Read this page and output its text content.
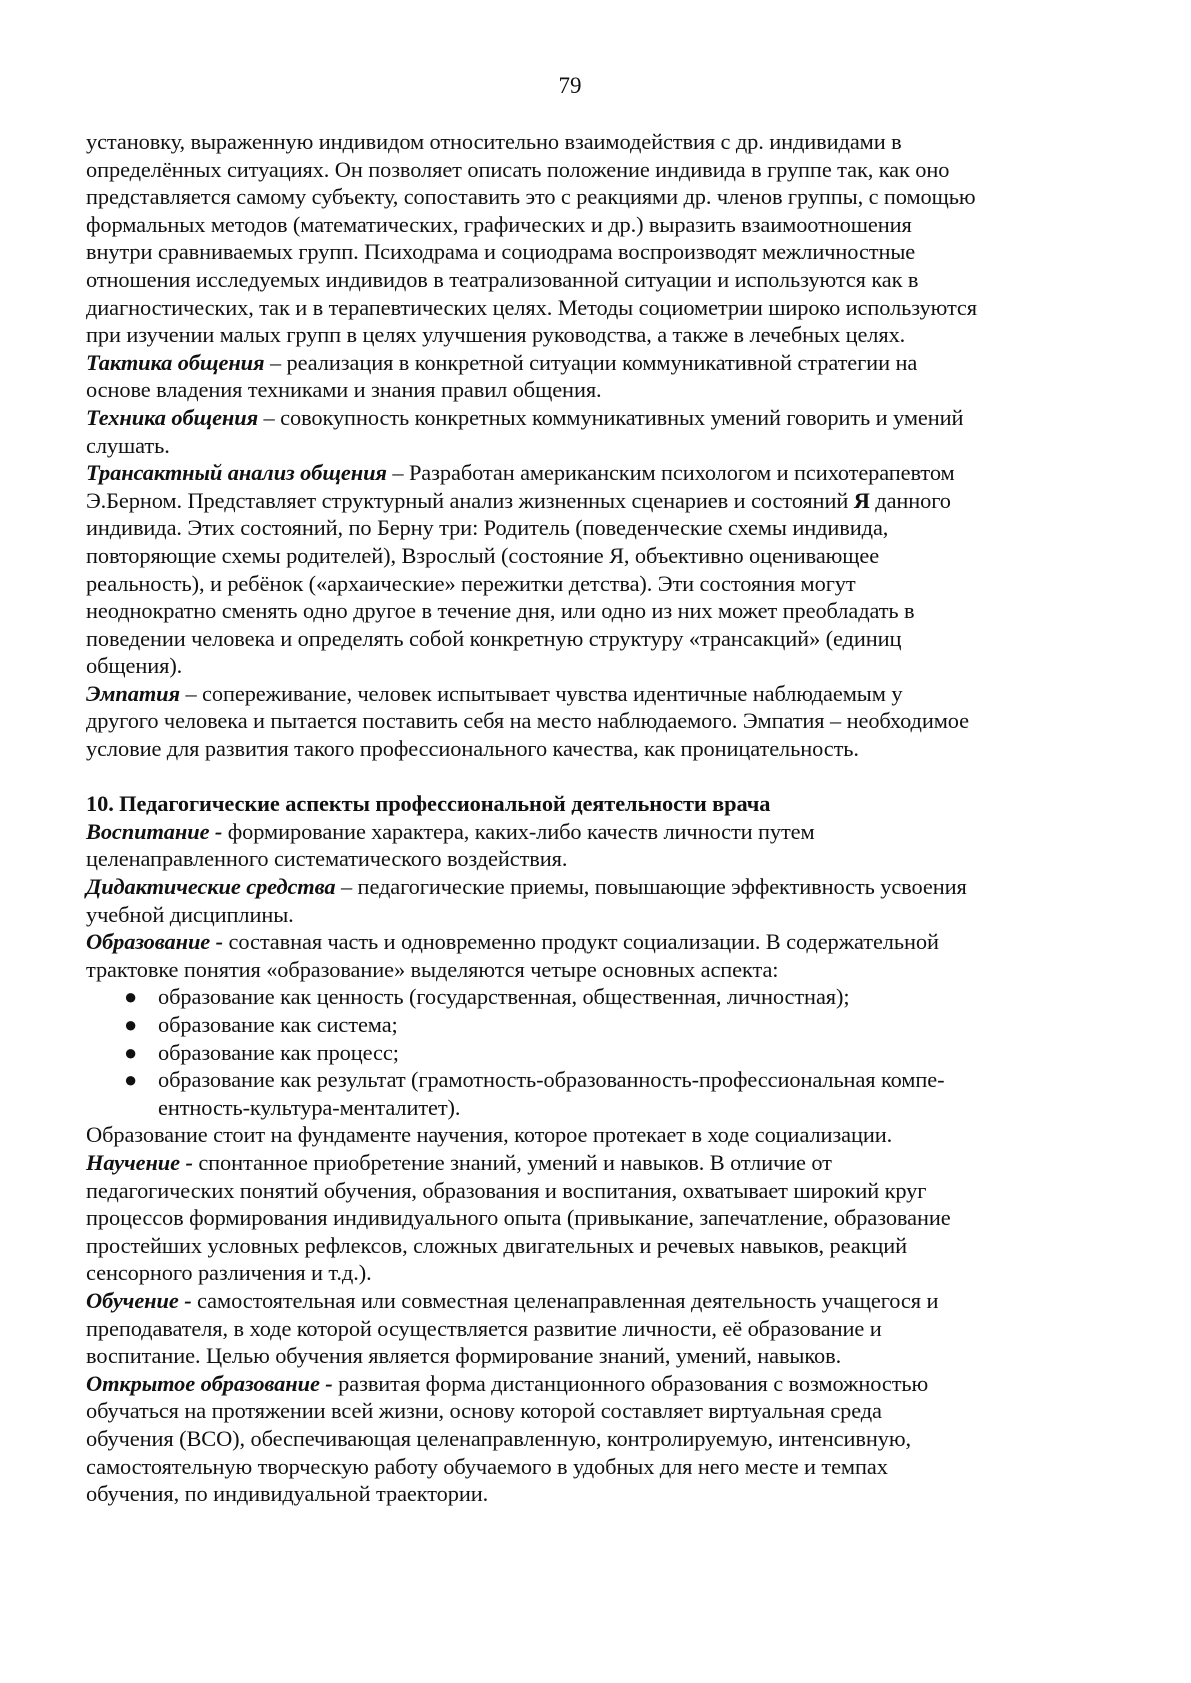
79
установку, выраженную индивидом относительно взаимодействия с др. индивидами в
определённых ситуациях. Он позволяет описать положение индивида в группе так, как оно
представляется самому субъекту, сопоставить это с реакциями др. членов группы, с помощью
формальных методов (математических, графических и др.) выразить взаимоотношения
внутри сравниваемых групп. Психодрама и социодрама воспроизводят межличностные
отношения исследуемых индивидов в театрализованной ситуации и используются как в
диагностических, так и в терапевтических целях. Методы социометрии широко используются
при изучении малых групп в целях улучшения руководства, а также в лечебных целях.
Тактика общения – реализация в конкретной ситуации коммуникативной стратегии на
основе владения техниками и знания правил общения.
Техника общения – совокупность конкретных коммуникативных умений говорить и умений
слушать.
Трансактный анализ общения – Разработан американским психологом и психотерапевтом
Э.Берном. Представляет структурный анализ жизненных сценариев и состояний Я данного
индивида. Этих состояний, по Берну три: Родитель (поведенческие схемы индивида,
повторяющие схемы родителей), Взрослый (состояние Я, объективно оценивающее
реальность), и ребёнок («архаические» пережитки детства). Эти состояния могут
неоднократно сменять одно другое в течение дня, или одно из них может преобладать в
поведении человека и определять собой конкретную структуру «трансакций» (единиц
общения).
Эмпатия – сопереживание, человек испытывает чувства идентичные наблюдаемым у
другого человека и пытается поставить себя на место наблюдаемого. Эмпатия – необходимое
условие для развития такого профессионального качества, как проницательность.
10. Педагогические аспекты профессиональной деятельности врача
Воспитание - формирование характера, каких-либо качеств личности путем
целенаправленного систематического воздействия.
Дидактические средства – педагогические приемы, повышающие эффективность усвоения
учебной дисциплины.
Образование - составная часть и одновременно продукт социализации. В содержательной
трактовке понятия «образование» выделяются четыре основных аспекта:
● образование как ценность (государственная, общественная, личностная);
● образование как система;
● образование как процесс;
● образование как результат (грамотность-образованность-профессиональная компе-
ентность-культура-менталитет).
Образование стоит на фундаменте научения, которое протекает в ходе социализации.
Научение - спонтанное приобретение знаний, умений и навыков. В отличие от
педагогических понятий обучения, образования и воспитания, охватывает широкий круг
процессов формирования индивидуального опыта (привыкание, запечатление, образование
простейших условных рефлексов, сложных двигательных и речевых навыков, реакций
сенсорного различения и т.д.).
Обучение - самостоятельная или совместная целенаправленная деятельность учащегося и
преподавателя, в ходе которой осуществляется развитие личности, её образование и
воспитание. Целью обучения является формирование знаний, умений, навыков.
Открытое образование - развитая форма дистанционного образования с возможностью
обучаться на протяжении всей жизни, основу которой составляет виртуальная среда
обучения (ВСО), обеспечивающая целенаправленную, контролируемую, интенсивную,
самостоятельную творческую работу обучаемого в удобных для него месте и темпах
обучения, по индивидуальной траектории.
